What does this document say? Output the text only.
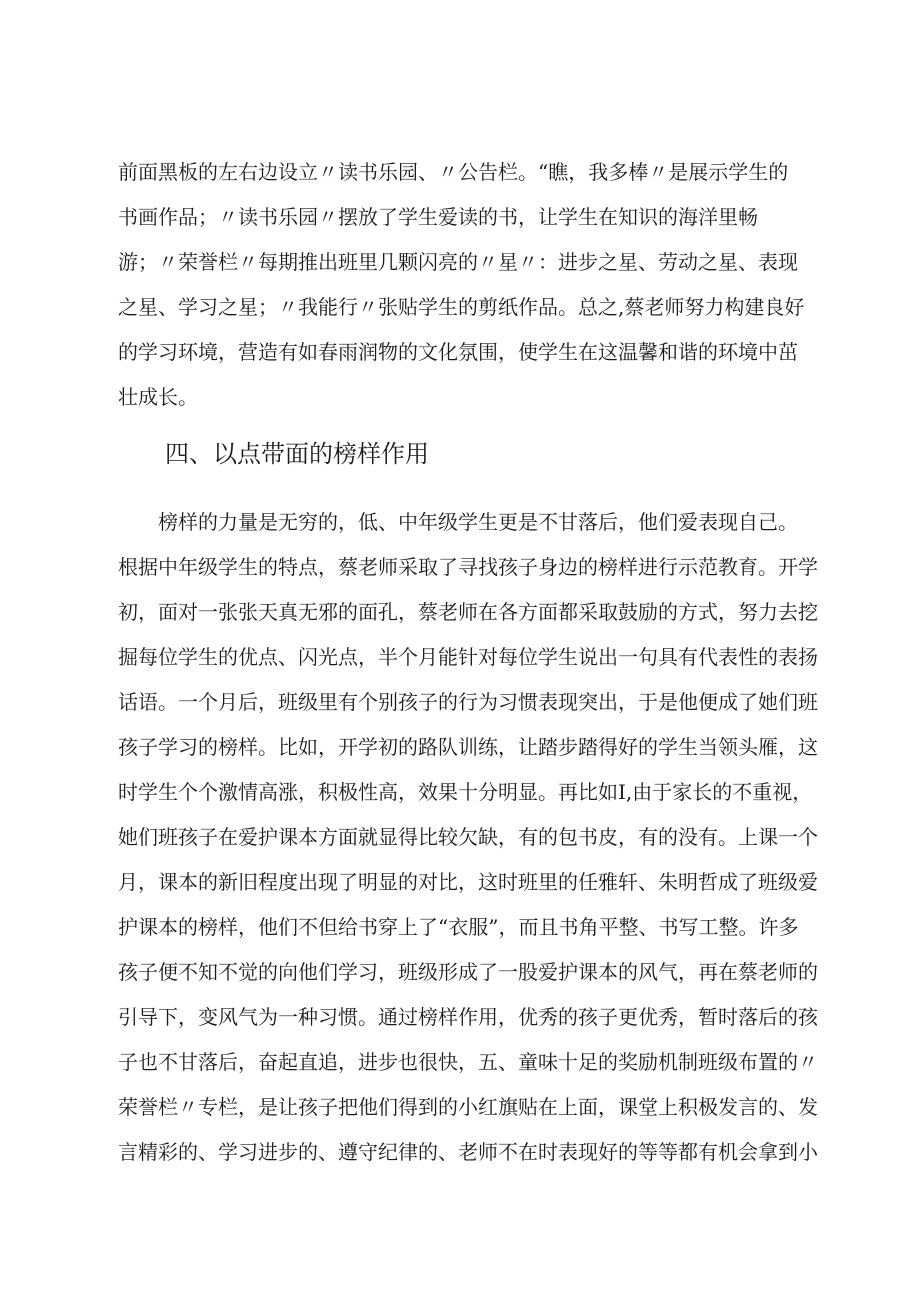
前面黑板的左右边设立〃读书乐园、〃公告栏。“瞧，我多棒〃是展示学生的
书画作品；〃读书乐园〃摆放了学生爱读的书，让学生在知识的海洋里畅
游；〃荣誉栏〃每期推出班里几颗闪亮的〃星〃：进步之星、劳动之星、表现
之星、学习之星；〃我能行〃张贴学生的剪纸作品。总之,蔡老师努力构建良好
的学习环境，营造有如春雨润物的文化氛围，使学生在这温馨和谐的环境中茁
壮成长。
四、以点带面的榜样作用
　　榜样的力量是无穷的，低、中年级学生更是不甘落后，他们爱表现自己。
根据中年级学生的特点，蔡老师采取了寻找孩子身边的榜样进行示范教育。开学
初，面对一张张天真无邪的面孔，蔡老师在各方面都采取鼓励的方式，努力去挖
掘每位学生的优点、闪光点，半个月能针对每位学生说出一句具有代表性的表扬
话语。一个月后，班级里有个别孩子的行为习惯表现突出，于是他便成了她们班
孩子学习的榜样。比如，开学初的路队训练，让踏步踏得好的学生当领头雁，这
时学生个个激情高涨，积极性高，效果十分明显。再比如I,由于家长的不重视，
她们班孩子在爱护课本方面就显得比较欠缺，有的包书皮，有的没有。上课一个
月，课本的新旧程度出现了明显的对比，这时班里的任雅轩、朱明哲成了班级爱
护课本的榜样，他们不但给书穿上了“衣服”，而且书角平整、书写工整。许多
孩子便不知不觉的向他们学习，班级形成了一股爱护课本的风气，再在蔡老师的
引导下，变风气为一种习惯。通过榜样作用，优秀的孩子更优秀，暂时落后的孩
子也不甘落后，奋起直追，进步也很快，五、童味十足的奖励机制班级布置的〃
荣誉栏〃专栏，是让孩子把他们得到的小红旗贴在上面，课堂上积极发言的、发
言精彩的、学习进步的、遵守纪律的、老师不在时表现好的等等都有机会拿到小
